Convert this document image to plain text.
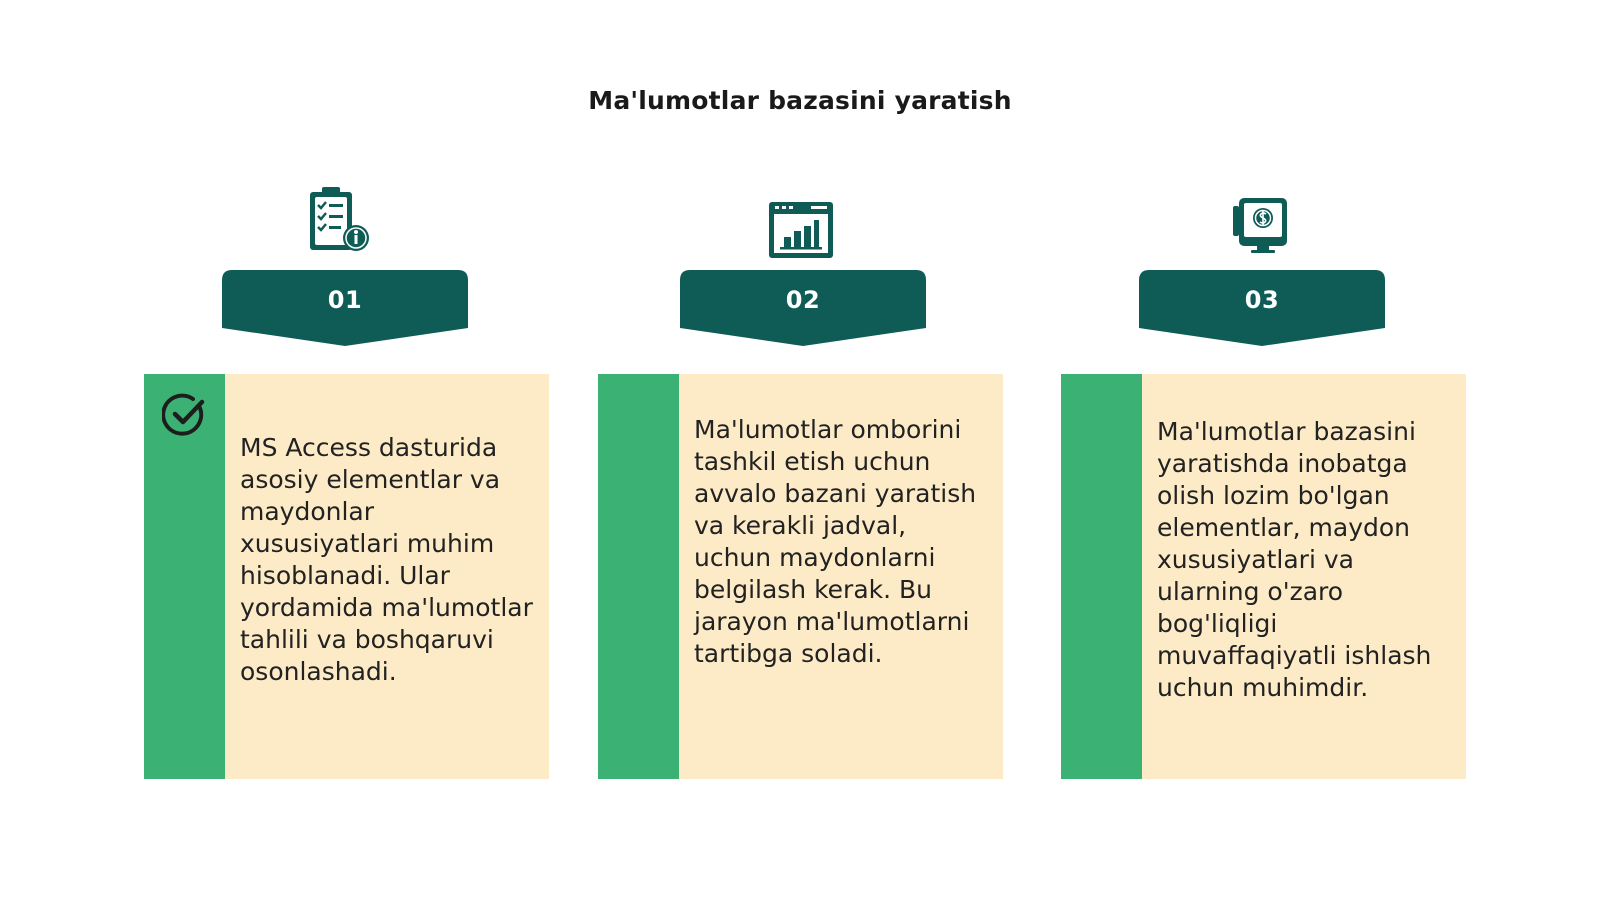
Ma'lumotlar bazasini yaratish
01
MS Access dasturida asosiy elementlar va maydonlar xususiyatlari muhim hisoblanadi. Ular yordamida ma'lumotlar tahlili va boshqaruvi osonlashadi.
02
Ma'lumotlar omborini tashkil etish uchun avvalo bazani yaratish va kerakli jadval, uchun maydonlarni belgilash kerak. Bu jarayon ma'lumotlarni tartibga soladi.
03
Ma'lumotlar bazasini yaratishda inobatga olish lozim bo'lgan elementlar, maydon xususiyatlari va ularning o'zaro bog'liqligi muvaffaqiyatli ishlash uchun muhimdir.
